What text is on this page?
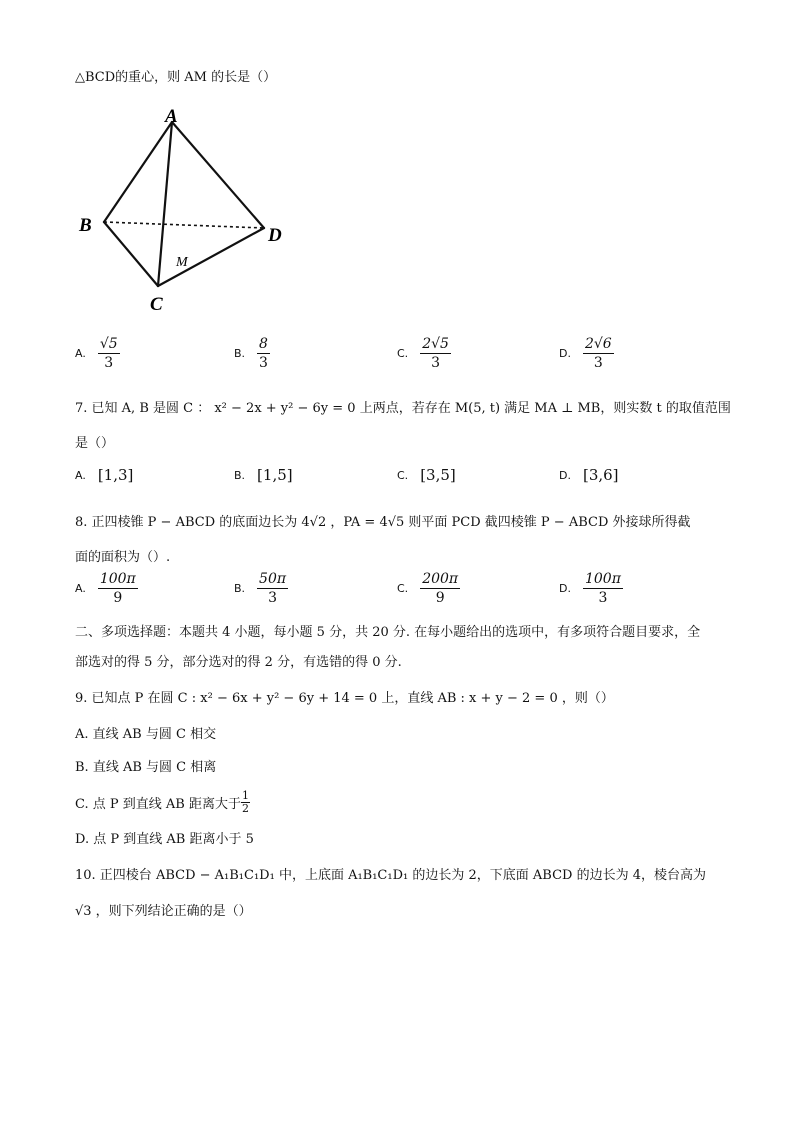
△BCD的重心，则 AM 的长是（）
A
B
C
D
M
A. $\frac{√5}{3}$	B. $\frac{8}{3}$	C. $\frac{2√5}{3}$	D. $\frac{2√6}{3}$
7. 已知 A, B 是圆 C ： x² − 2x + y² − 6y = 0 上两点，若存在 M(5, t) 满足 MA ⊥ MB，则实数 t 的取值范围
是（）
A. [1,3]	B. [1,5]	C. [3,5]	D. [3,6]
8. 正四棱锥 P − ABCD 的底面边长为 4√2 ，PA = 4√5 则平面 PCD 截四棱锥 P − ABCD 外接球所得截
面的面积为（）.
A. $\frac{100\pi}{9}$	B. $\frac{50\pi}{3}$	C. $\frac{200\pi}{9}$	D. $\frac{100\pi}{3}$
二、多项选择题：本题共 4 小题，每小题 5 分，共 20 分. 在每小题给出的选项中，有多项符合题目要求，全
部选对的得 5 分，部分选对的得 2 分，有选错的得 0 分.
9. 已知点 P 在圆 C : x² − 6x + y² − 6y + 14 = 0 上，直线 AB : x + y − 2 = 0 ，则（）
A. 直线 AB 与圆 C 相交
B. 直线 AB 与圆 C 相离
C. 点 P 到直线 AB 距离大于 $\frac{1}{2}$
D. 点 P 到直线 AB 距离小于 5
10. 正四棱台 ABCD − A₁B₁C₁D₁ 中，上底面 A₁B₁C₁D₁ 的边长为 2，下底面 ABCD 的边长为 4，棱台高为
√3 ，则下列结论正确的是（）
